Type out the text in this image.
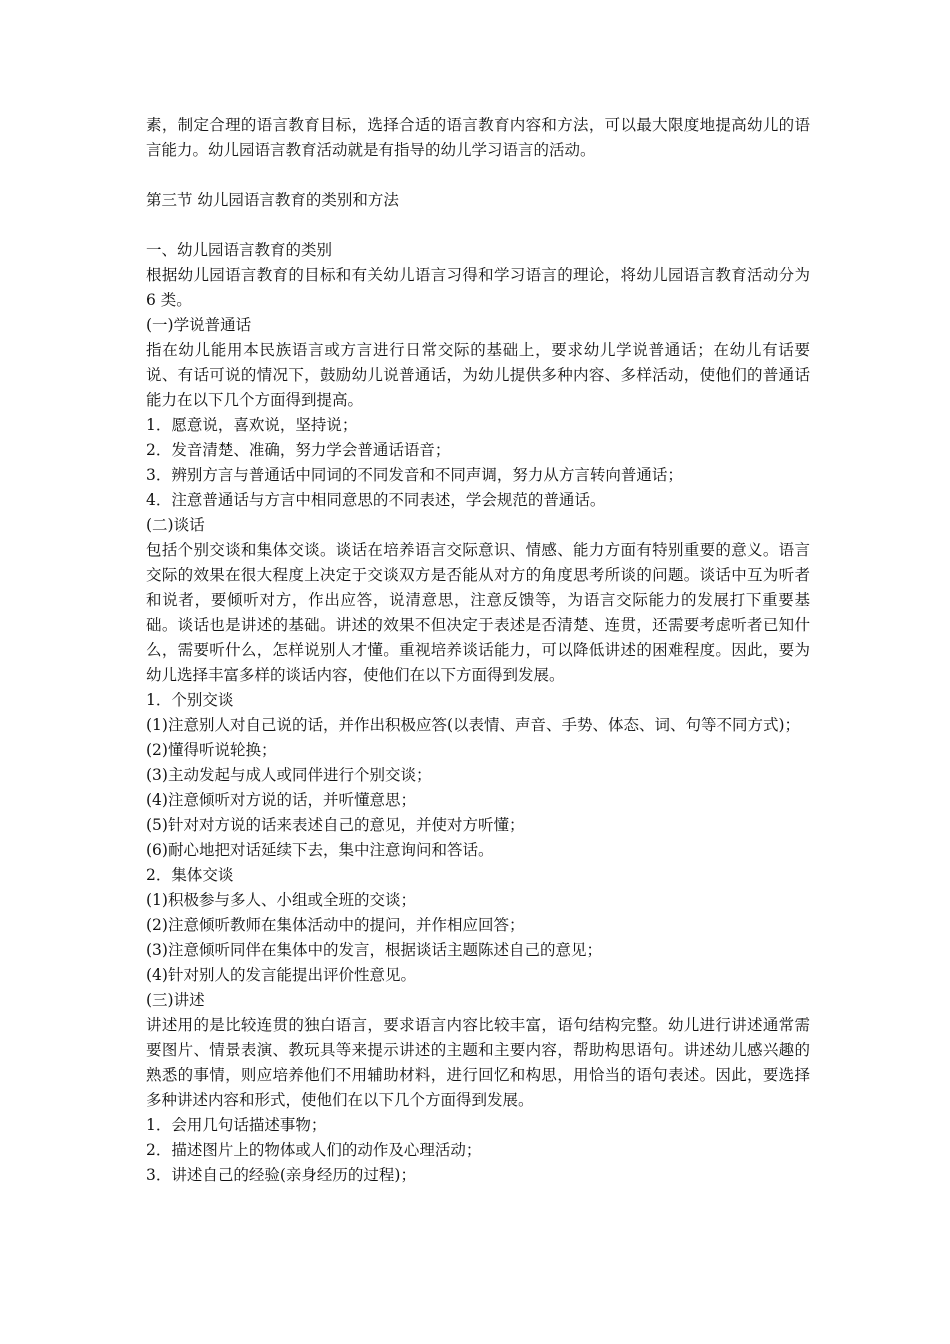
素，制定合理的语言教育目标，选择合适的语言教育内容和方法，可以最大限度地提高幼儿的语言能力。幼儿园语言教育活动就是有指导的幼儿学习语言的活动。

第三节 幼儿园语言教育的类别和方法

一、幼儿园语言教育的类别

根据幼儿园语言教育的目标和有关幼儿语言习得和学习语言的理论，将幼儿园语言教育活动分为 6 类。

(一)学说普通话

指在幼儿能用本民族语言或方言进行日常交际的基础上，要求幼儿学说普通话；在幼儿有话要说、有话可说的情况下，鼓励幼儿说普通话，为幼儿提供多种内容、多样活动，使他们的普通话能力在以下几个方面得到提高。

1．愿意说，喜欢说，坚持说；

2．发音清楚、准确，努力学会普通话语音；

3．辨别方言与普通话中同词的不同发音和不同声调，努力从方言转向普通话；

4．注意普通话与方言中相同意思的不同表述，学会规范的普通话。

(二)谈话

包括个别交谈和集体交谈。谈话在培养语言交际意识、情感、能力方面有特别重要的意义。语言交际的效果在很大程度上决定于交谈双方是否能从对方的角度思考所谈的问题。谈话中互为听者和说者，要倾听对方，作出应答，说清意思，注意反馈等，为语言交际能力的发展打下重要基础。谈话也是讲述的基础。讲述的效果不但决定于表述是否清楚、连贯，还需要考虑听者已知什么，需要听什么，怎样说别人才懂。重视培养谈话能力，可以降低讲述的困难程度。因此，要为幼儿选择丰富多样的谈话内容，使他们在以下方面得到发展。

1．个别交谈

(1)注意别人对自己说的话，并作出积极应答(以表情、声音、手势、体态、词、句等不同方式)；

(2)懂得听说轮换；

(3)主动发起与成人或同伴进行个别交谈；

(4)注意倾听对方说的话，并听懂意思；

(5)针对对方说的话来表述自己的意见，并使对方听懂；

(6)耐心地把对话延续下去，集中注意询问和答话。

2．集体交谈

(1)积极参与多人、小组或全班的交谈；

(2)注意倾听教师在集体活动中的提问，并作相应回答；

(3)注意倾听同伴在集体中的发言，根据谈话主题陈述自己的意见；

(4)针对别人的发言能提出评价性意见。

(三)讲述

讲述用的是比较连贯的独白语言，要求语言内容比较丰富，语句结构完整。幼儿进行讲述通常需要图片、情景表演、教玩具等来提示讲述的主题和主要内容，帮助构思语句。讲述幼儿感兴趣的熟悉的事情，则应培养他们不用辅助材料，进行回忆和构思，用恰当的语句表述。因此，要选择多种讲述内容和形式，使他们在以下几个方面得到发展。

1．会用几句话描述事物；

2．描述图片上的物体或人们的动作及心理活动；

3．讲述自己的经验(亲身经历的过程)；
